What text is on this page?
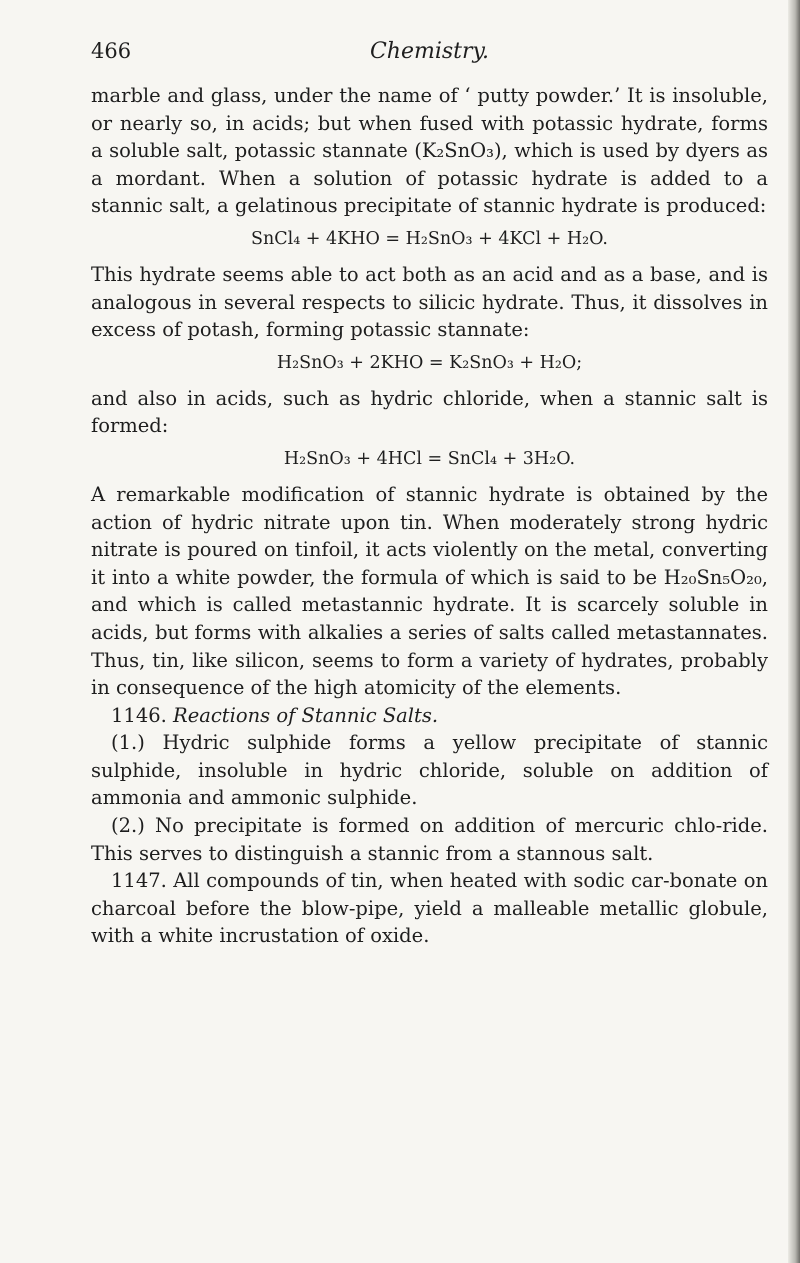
466	Chemistry.

marble and glass, under the name of ‘ putty powder.’ It is insoluble, or nearly so, in acids; but when fused with potassic hydrate, forms a soluble salt, potassic stannate (K₂SnO₃), which is used by dyers as a mordant. When a solution of potassic hydrate is added to a stannic salt, a gelatinous precipitate of stannic hydrate is produced:

SnCl₄ + 4KHO = H₂SnO₃ + 4KCl + H₂O.

This hydrate seems able to act both as an acid and as a base, and is analogous in several respects to silicic hydrate. Thus, it dissolves in excess of potash, forming potassic stannate:

H₂SnO₃ + 2KHO = K₂SnO₃ + H₂O;

and also in acids, such as hydric chloride, when a stannic salt is formed:

H₂SnO₃ + 4HCl = SnCl₄ + 3H₂O.

A remarkable modification of stannic hydrate is obtained by the action of hydric nitrate upon tin. When moderately strong hydric nitrate is poured on tinfoil, it acts violently on the metal, converting it into a white powder, the formula of which is said to be H₂₀Sn₅O₂₀, and which is called metastannic hydrate. It is scarcely soluble in acids, but forms with alkalies a series of salts called metastannates. Thus, tin, like silicon, seems to form a variety of hydrates, probably in consequence of the high atomicity of the elements.

1146. Reactions of Stannic Salts.

(1.) Hydric sulphide forms a yellow precipitate of stannic sulphide, insoluble in hydric chloride, soluble on addition of ammonia and ammonic sulphide.

(2.) No precipitate is formed on addition of mercuric chlo-ride. This serves to distinguish a stannic from a stannous salt.

1147. All compounds of tin, when heated with sodic car-bonate on charcoal before the blow-pipe, yield a malleable metallic globule, with a white incrustation of oxide.
